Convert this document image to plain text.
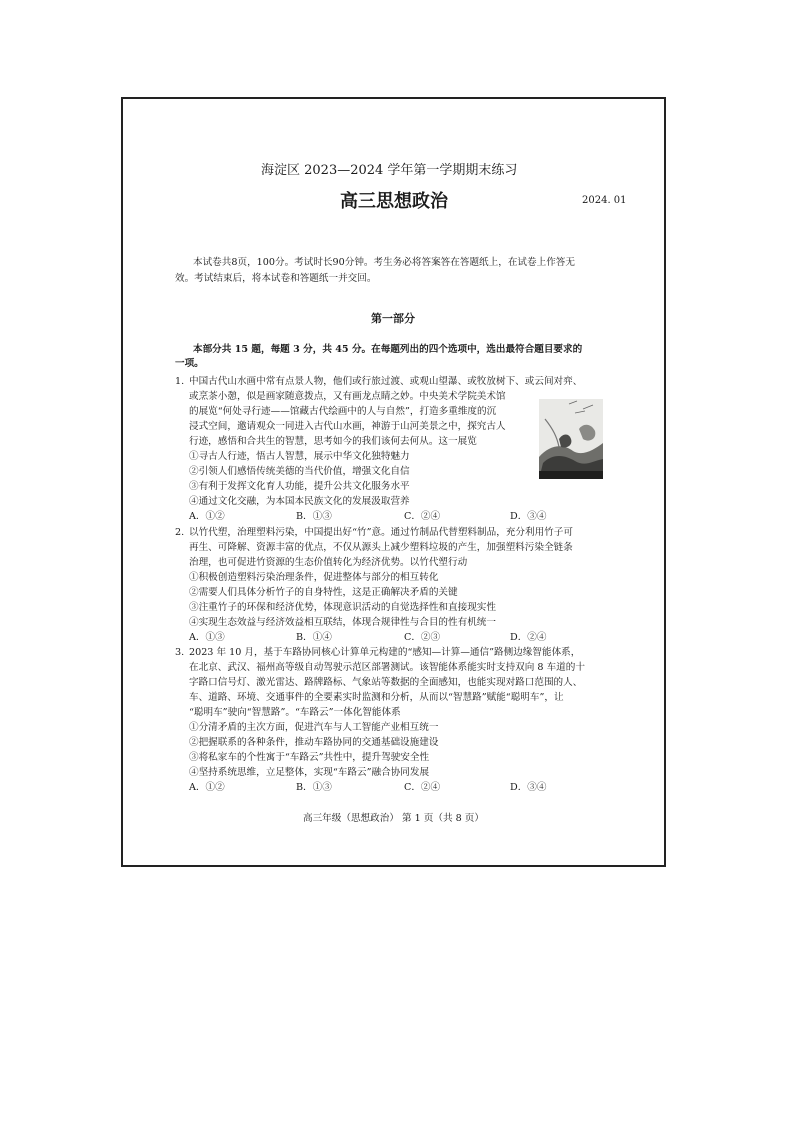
海淀区 2023—2024 学年第一学期期末练习
高三思想政治	2024. 01
本试卷共8页，100分。考试时长90分钟。考生务必将答案答在答题纸上，在试卷上作答无
效。考试结束后，将本试卷和答题纸一并交回。
第一部分
本部分共 15 题，每题 3 分，共 45 分。在每题列出的四个选项中，选出最符合题目要求的
一项。
1. 中国古代山水画中常有点景人物，他们或行旅过渡、或观山望瀑、或牧放树下、或云间对弈、
或烹茶小憩，似是画家随意拨点，又有画龙点睛之妙。中央美术学院美术馆
的展览“何处寻行迹——馆藏古代绘画中的人与自然”，打造多重维度的沉
浸式空间，邀请观众一同进入古代山水画，神游于山河美景之中，探究古人
行迹，感悟和合共生的智慧，思考如今的我们该何去何从。这一展览
①寻古人行迹，悟古人智慧，展示中华文化独特魅力
②引领人们感悟传统美德的当代价值，增强文化自信
③有利于发挥文化育人功能，提升公共文化服务水平
④通过文化交融，为本国本民族文化的发展汲取营养
A．①②	B．①③	C．②④	D．③④
2. 以竹代塑，治理塑料污染，中国提出好“竹”意。通过竹制品代替塑料制品，充分利用竹子可
再生、可降解、资源丰富的优点，不仅从源头上减少塑料垃圾的产生，加强塑料污染全链条
治理，也可促进竹资源的生态价值转化为经济优势。以竹代塑行动
①积极创造塑料污染治理条件，促进整体与部分的相互转化
②需要人们具体分析竹子的自身特性，这是正确解决矛盾的关键
③注重竹子的环保和经济优势，体现意识活动的自觉选择性和直接现实性
④实现生态效益与经济效益相互联结，体现合规律性与合目的性有机统一
A．①③	B．①④	C．②③	D．②④
3. 2023 年 10 月，基于车路协同核心计算单元构建的“感知—计算—通信”路侧边缘智能体系，
在北京、武汉、福州高等级自动驾驶示范区部署测试。该智能体系能实时支持双向 8 车道的十
字路口信号灯、激光雷达、路牌路标、气象站等数据的全面感知，也能实现对路口范围的人、
车、道路、环境、交通事件的全要素实时监测和分析，从而以“智慧路”赋能“聪明车”，让
“聪明车”驶向“智慧路”。“车路云”一体化智能体系
①分清矛盾的主次方面，促进汽车与人工智能产业相互统一
②把握联系的各种条件，推动车路协同的交通基础设施建设
③将私家车的个性寓于“车路云”共性中，提升驾驶安全性
④坚持系统思维，立足整体，实现“车路云”融合协同发展
A．①②	B．①③	C．②④	D．③④
高三年级（思想政治） 第 1 页（共 8 页）
